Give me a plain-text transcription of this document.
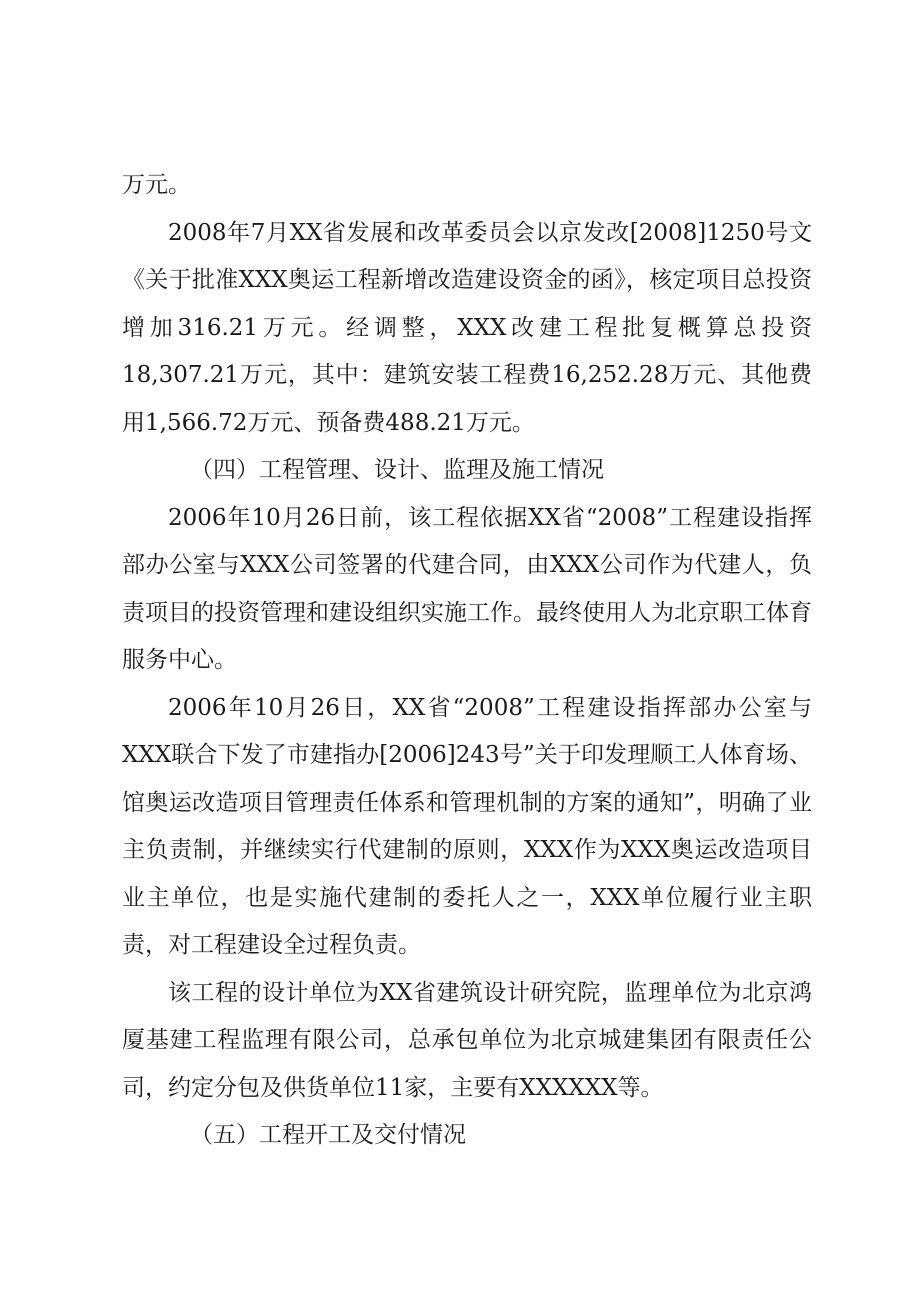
万元。

2008年7月XX省发展和改革委员会以京发改[2008]1250号文《关于批准XXX奥运工程新增改造建设资金的函》，核定项目总投资增加316.21万元。经调整，XXX改建工程批复概算总投资18,307.21万元，其中：建筑安装工程费16,252.28万元、其他费用1,566.72万元、预备费488.21万元。

（四）工程管理、设计、监理及施工情况

2006年10月26日前，该工程依据XX省“2008”工程建设指挥部办公室与XXX公司签署的代建合同，由XXX公司作为代建人，负责项目的投资管理和建设组织实施工作。最终使用人为北京职工体育服务中心。

2006年10月26日，XX省“2008”工程建设指挥部办公室与XXX联合下发了市建指办[2006]243号”关于印发理顺工人体育场、馆奥运改造项目管理责任体系和管理机制的方案的通知”，明确了业主负责制，并继续实行代建制的原则，XXX作为XXX奥运改造项目业主单位，也是实施代建制的委托人之一，XXX单位履行业主职责，对工程建设全过程负责。

该工程的设计单位为XX省建筑设计研究院，监理单位为北京鸿厦基建工程监理有限公司，总承包单位为北京城建集团有限责任公司，约定分包及供货单位11家，主要有XXXXXX等。

（五）工程开工及交付情况
